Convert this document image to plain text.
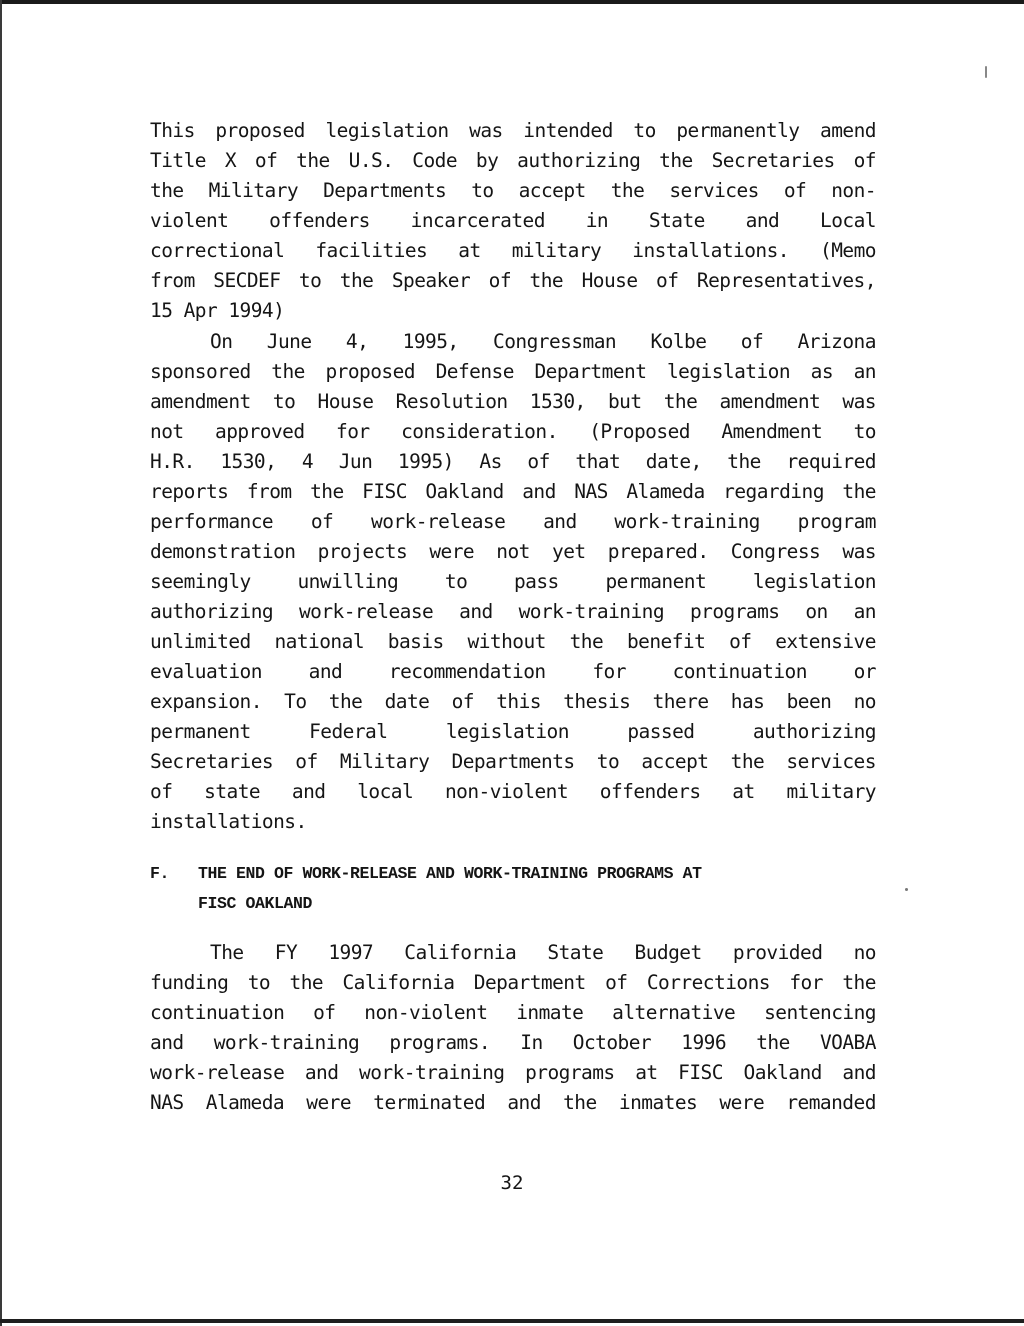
This proposed legislation was intended to permanently amend
Title X of the U.S. Code by authorizing the Secretaries of
the Military Departments to accept the services of non-
violent offenders incarcerated in State and Local
correctional facilities at military installations. (Memo
from SECDEF to the Speaker of the House of Representatives,
15 Apr 1994)
On June 4, 1995, Congressman Kolbe of Arizona
sponsored the proposed Defense Department legislation as an
amendment to House Resolution 1530, but the amendment was
not approved for consideration. (Proposed Amendment to
H.R. 1530, 4 Jun 1995) As of that date, the required
reports from the FISC Oakland and NAS Alameda regarding the
performance of work-release and work-training program
demonstration projects were not yet prepared. Congress was
seemingly unwilling to pass permanent legislation
authorizing work-release and work-training programs on an
unlimited national basis without the benefit of extensive
evaluation and recommendation for continuation or
expansion. To the date of this thesis there has been no
permanent	Federal	legislation	passed	authorizing
Secretaries of Military Departments to accept the services
of state and local non-violent offenders at military
installations.
F.	THE END OF WORK-RELEASE AND WORK-TRAINING PROGRAMS AT
FISC OAKLAND
The FY 1997 California State Budget provided no
funding to the California Department of Corrections for the
continuation of non-violent inmate alternative sentencing
and work-training programs. In October 1996 the VOABA
work-release and work-training programs at FISC Oakland and
NAS Alameda were terminated and the inmates were remanded
32
